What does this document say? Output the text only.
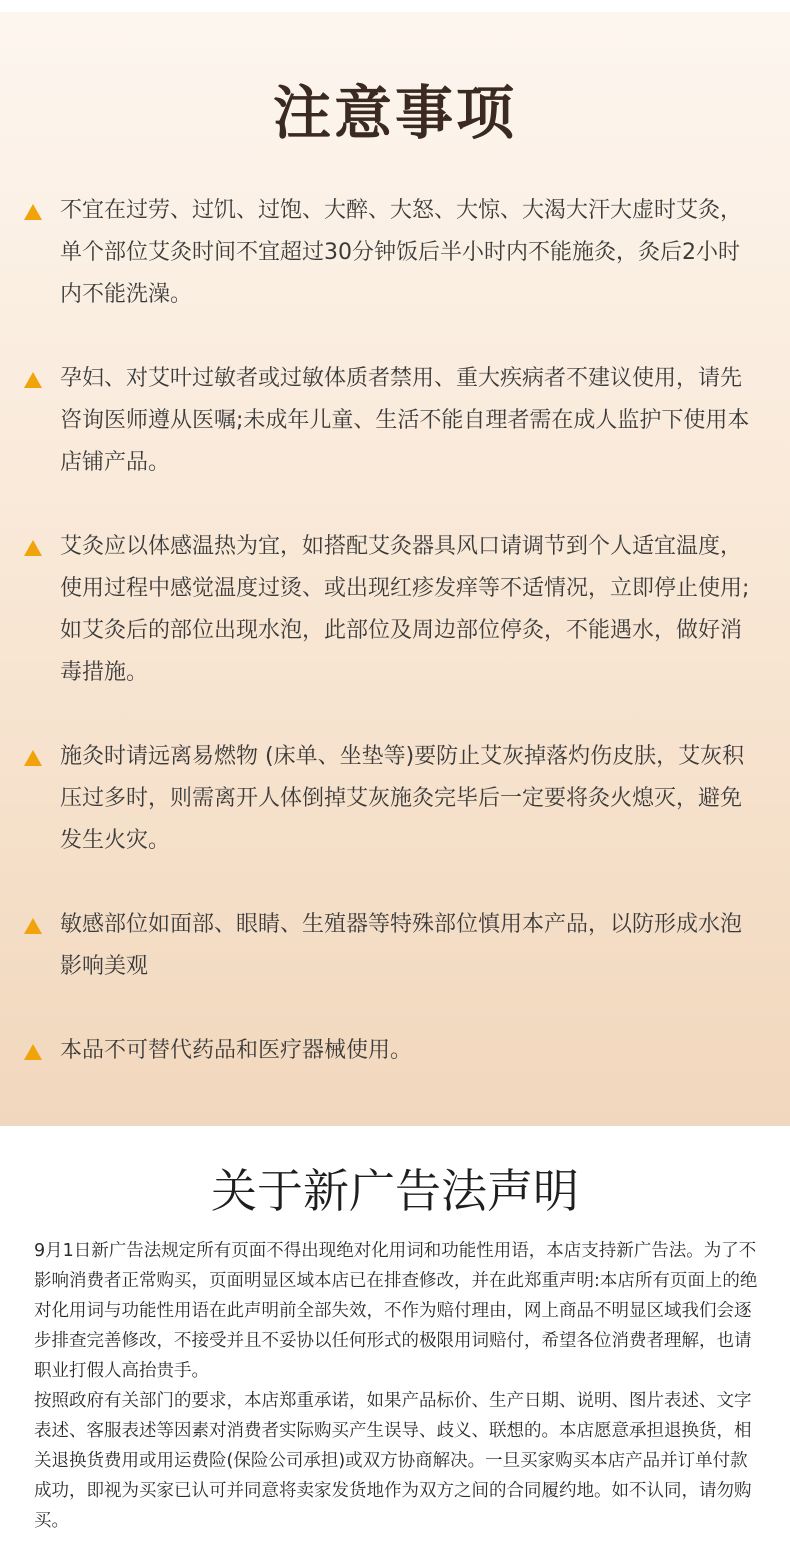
注意事项
不宜在过劳、过饥、过饱、大醉、大怒、大惊、大渴大汗大虚时艾灸，单个部位艾灸时间不宜超过30分钟饭后半小时内不能施灸，灸后2小时内不能洗澡。
孕妇、对艾叶过敏者或过敏体质者禁用、重大疾病者不建议使用，请先咨询医师遵从医嘱;未成年儿童、生活不能自理者需在成人监护下使用本店铺产品。
艾灸应以体感温热为宜，如搭配艾灸器具风口请调节到个人适宜温度，使用过程中感觉温度过烫、或出现红疹发痒等不适情况，立即停止使用;如艾灸后的部位出现水泡，此部位及周边部位停灸，不能遇水，做好消毒措施。
施灸时请远离易燃物 (床单、坐垫等)要防止艾灰掉落灼伤皮肤，艾灰积压过多时，则需离开人体倒掉艾灰施灸完毕后一定要将灸火熄灭，避免发生火灾。
敏感部位如面部、眼睛、生殖器等特殊部位慎用本产品，以防形成水泡影响美观
本品不可替代药品和医疗器械使用。
关于新广告法声明

9月1日新广告法规定所有页面不得出现绝对化用词和功能性用语，本店支持新广告法。为了不影响消费者正常购买，页面明显区域本店已在排查修改，并在此郑重声明:本店所有页面上的绝对化用词与功能性用语在此声明前全部失效，不作为赔付理由，网上商品不明显区域我们会逐步排查完善修改，不接受并且不妥协以任何形式的极限用词赔付，希望各位消费者理解，也请职业打假人高抬贵手。

按照政府有关部门的要求，本店郑重承诺，如果产品标价、生产日期、说明、图片表述、文字表述、客服表述等因素对消费者实际购买产生误导、歧义、联想的。本店愿意承担退换货，相关退换货费用或用运费险(保险公司承担)或双方协商解决。一旦买家购买本店产品并订单付款成功，即视为买家已认可并同意将卖家发货地作为双方之间的合同履约地。如不认同，请勿购买。
